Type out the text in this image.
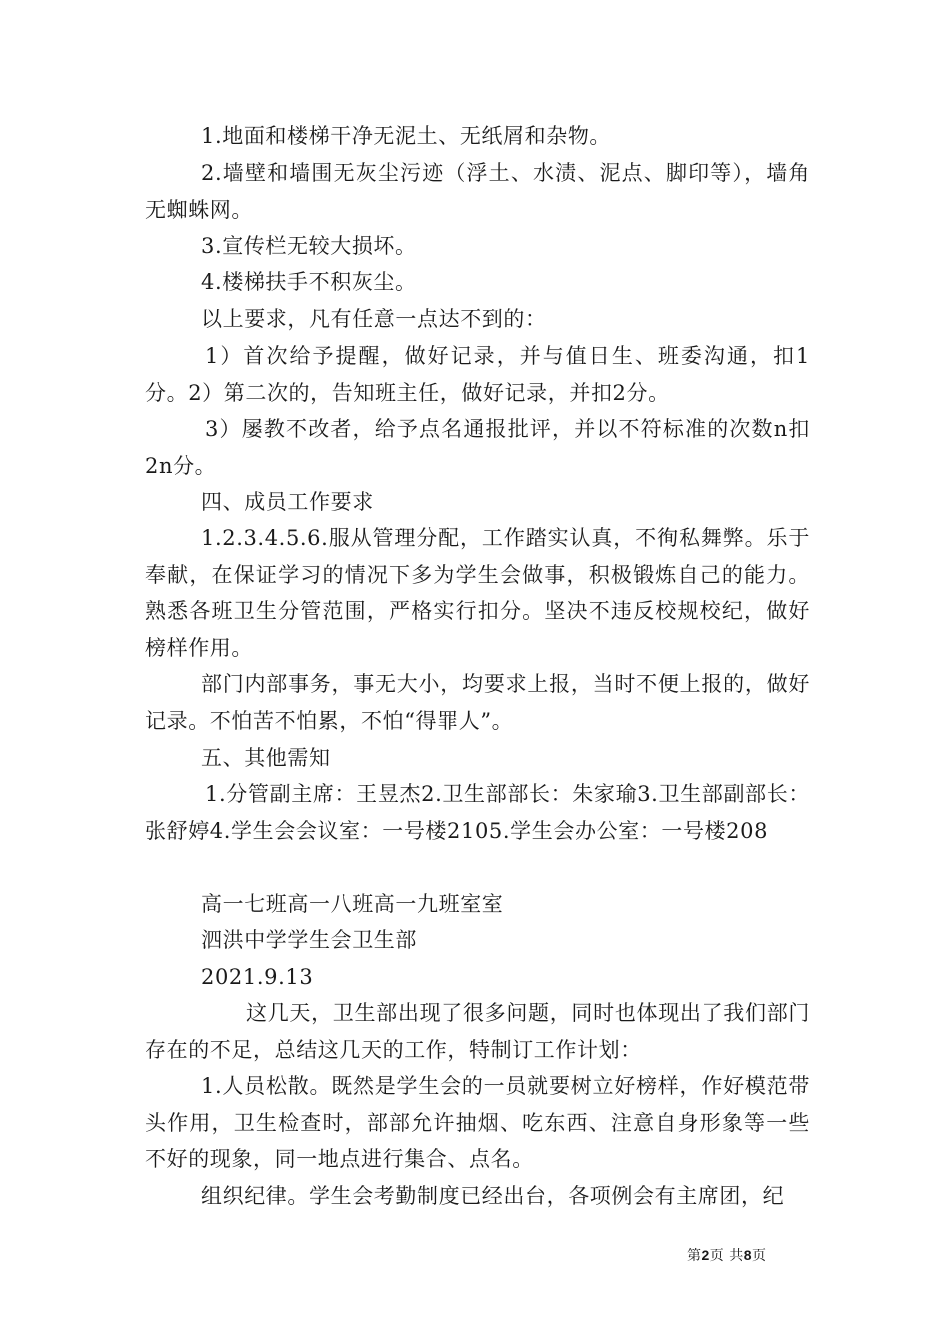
1.地面和楼梯干净无泥土、无纸屑和杂物。

2.墙壁和墙围无灰尘污迹（浮土、水渍、泥点、脚印等），墙角无蜘蛛网。

3.宣传栏无较大损坏。

4.楼梯扶手不积灰尘。

以上要求，凡有任意一点达不到的：

1）首次给予提醒，做好记录，并与值日生、班委沟通，扣1分。2）第二次的，告知班主任，做好记录，并扣2分。

3）屡教不改者，给予点名通报批评，并以不符标准的次数n扣2n分。

四、成员工作要求

1.2.3.4.5.6.服从管理分配，工作踏实认真，不徇私舞弊。乐于奉献，在保证学习的情况下多为学生会做事，积极锻炼自己的能力。熟悉各班卫生分管范围，严格实行扣分。坚决不违反校规校纪，做好榜样作用。

部门内部事务，事无大小，均要求上报，当时不便上报的，做好记录。不怕苦不怕累，不怕“得罪人”。

五、其他需知

1.分管副主席：王昱杰2.卫生部部长：朱家瑜3.卫生部副部长：张舒婷4.学生会会议室：一号楼2105.学生会办公室：一号楼208

高一七班高一八班高一九班室室

泗洪中学学生会卫生部

2021.9.13

这几天，卫生部出现了很多问题，同时也体现出了我们部门存在的不足，总结这几天的工作，特制订工作计划：

1.人员松散。既然是学生会的一员就要树立好榜样，作好模范带头作用，卫生检查时，部部允许抽烟、吃东西、注意自身形象等一些不好的现象，同一地点进行集合、点名。

组织纪律。学生会考勤制度已经出台，各项例会有主席团，纪

第2页 共8页
